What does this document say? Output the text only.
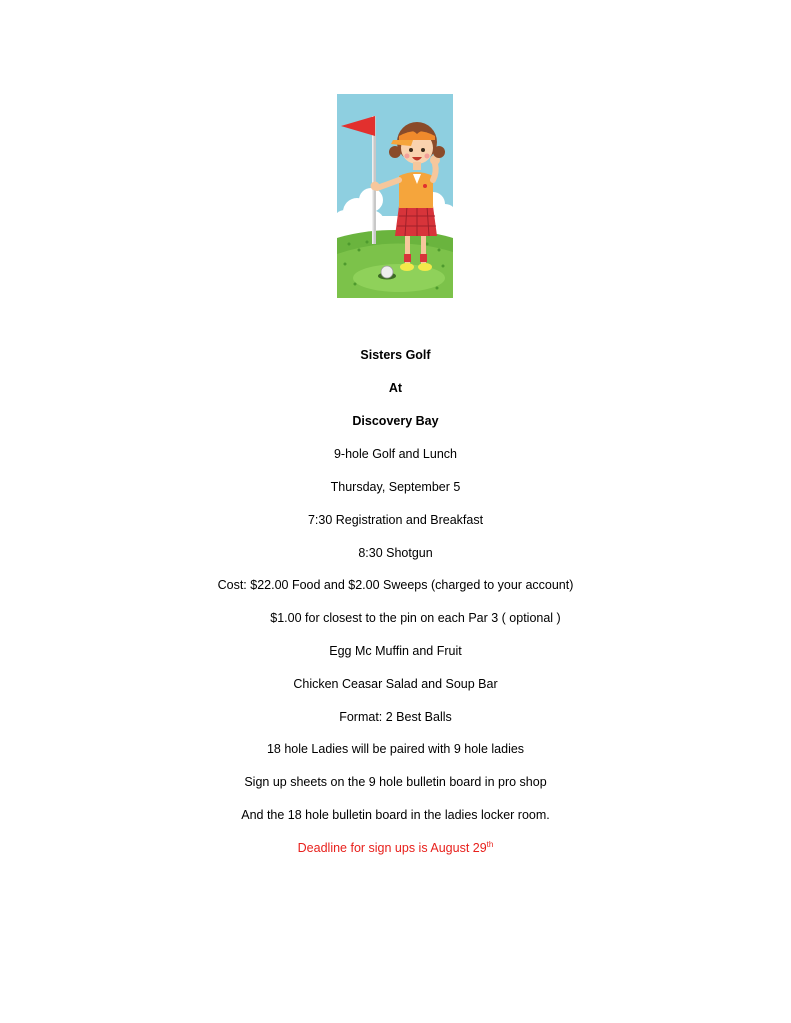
Sisters Golf
At
Discovery Bay
9-hole Golf and Lunch
Thursday, September 5
7:30 Registration and Breakfast
8:30 Shotgun
Cost: $22.00 Food and $2.00 Sweeps (charged to your account)
$1.00 for closest to the pin on each Par 3 ( optional )
Egg Mc Muffin and Fruit
Chicken Ceasar Salad and Soup Bar
Format: 2 Best Balls
18 hole Ladies will be paired with 9 hole ladies
Sign up sheets on the 9 hole bulletin board in pro shop
And the 18 hole bulletin board in the ladies locker room.
Deadline for sign ups is August 29th
